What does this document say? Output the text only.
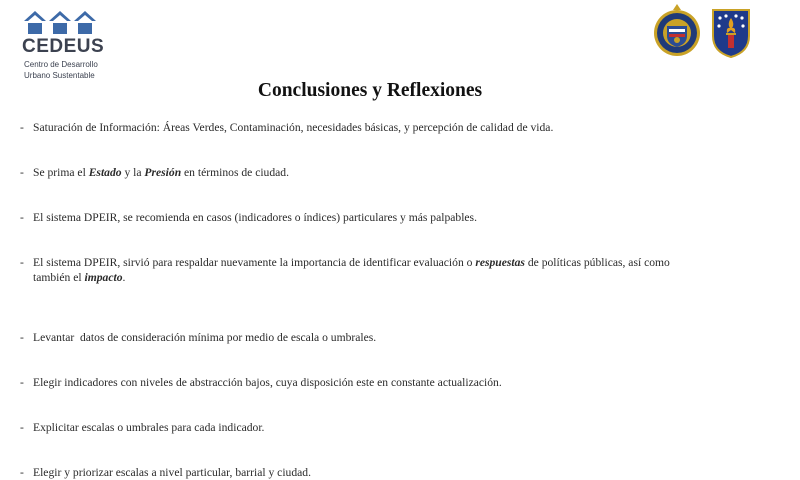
CEDEUS
Centro de Desarrollo
Urbano Sustentable
Conclusiones y Reflexiones
- Saturación de Información: Áreas Verdes, Contaminación, necesidades básicas, y percepción de calidad de vida.
- Se prima el Estado y la Presión en términos de ciudad.
- El sistema DPEIR, se recomienda en casos (indicadores o índices) particulares y más palpables.
- El sistema DPEIR, sirvió para respaldar nuevamente la importancia de identificar evaluación o respuestas de políticas públicas, así como también el impacto.
- Levantar  datos de consideración mínima por medio de escala o umbrales.
- Elegir indicadores con niveles de abstracción bajos, cuya disposición este en constante actualización.
- Explicitar escalas o umbrales para cada indicador.
- Elegir y priorizar escalas a nivel particular, barrial y ciudad.
